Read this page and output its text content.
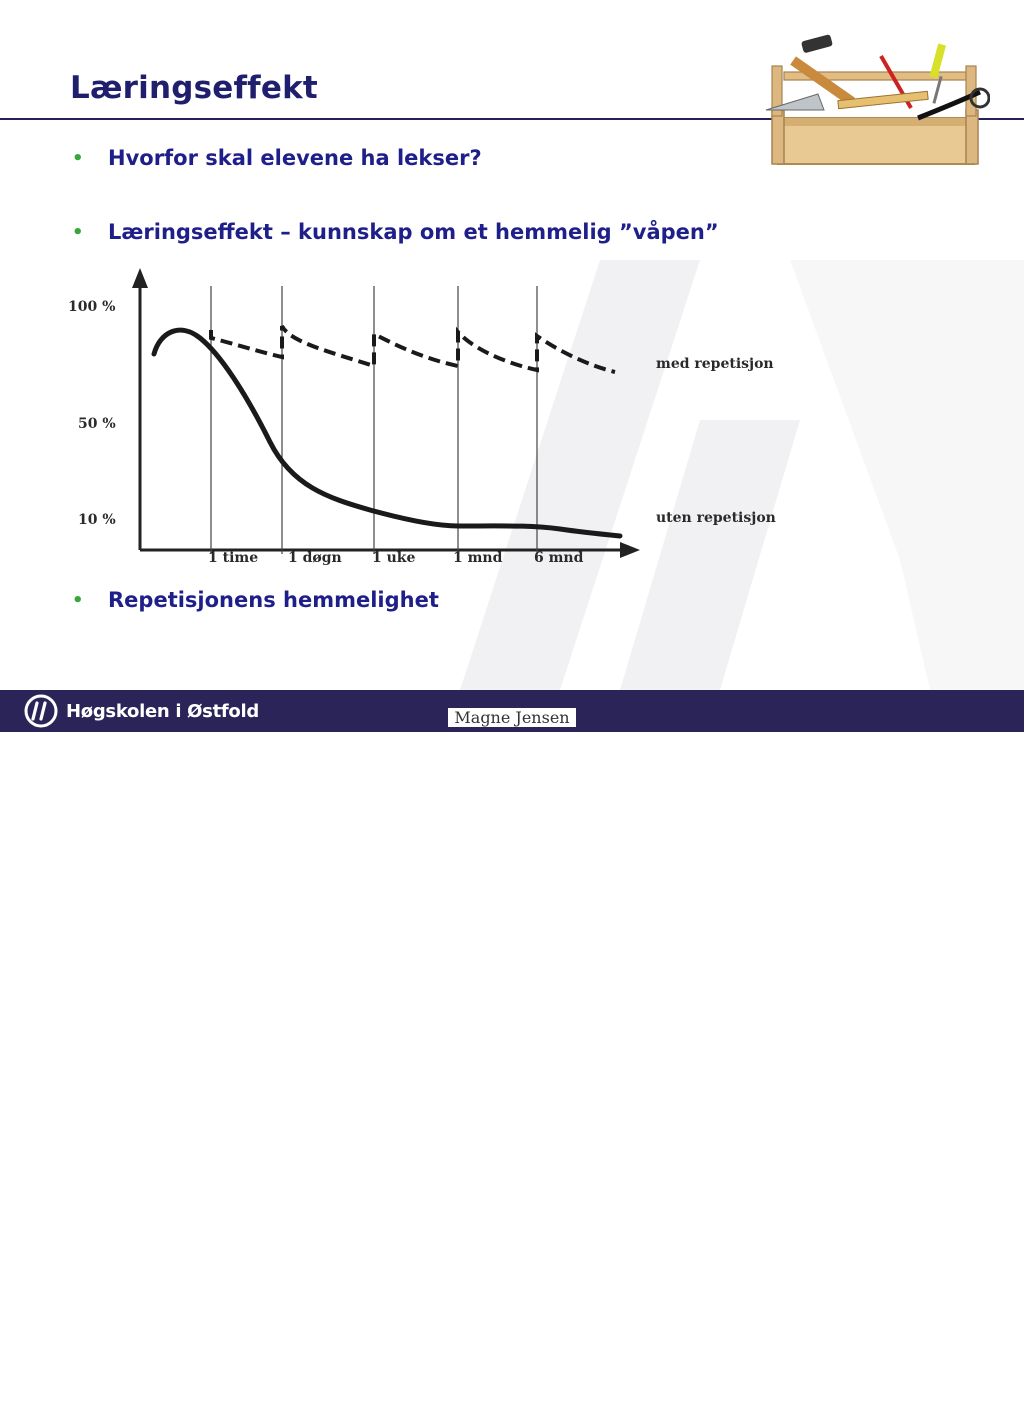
Læringseffekt
•	Hvorfor skal elevene ha lekser?
•	Læringseffekt – kunnskap om et hemmelig ”våpen”
•	Repetisjonens hemmelighet
100 %
50 %
10 %
1 time 1 døgn 1 uke	1 mnd 6 mnd
med repetisjon
uten repetisjon
Høgskolen i Østfold
8
Magne Jensen
